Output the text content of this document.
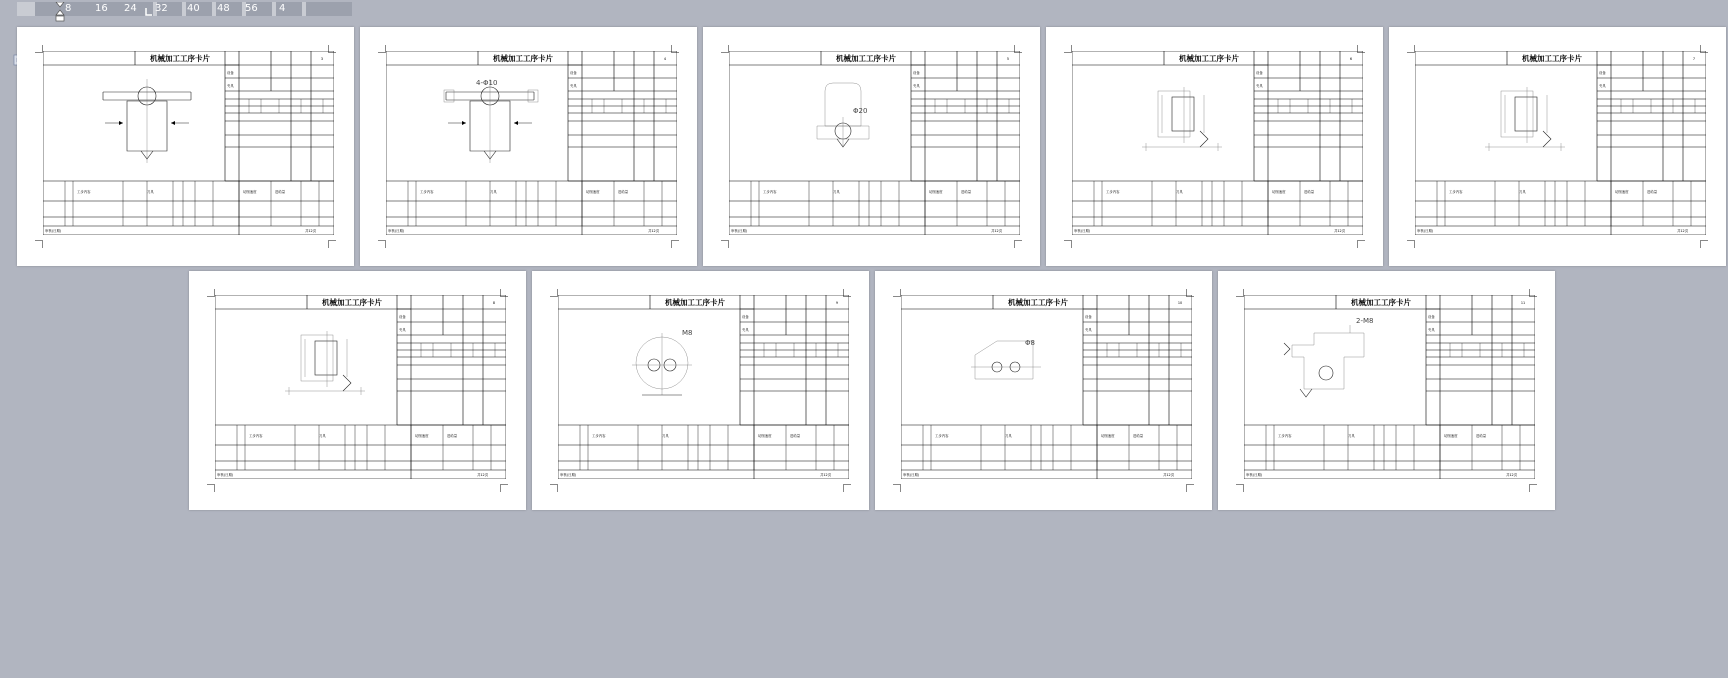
8 16 24 32 40 48 56 4
机械加工工序卡片	3
设备
夹具
刀具
工步内容	切削速度	进给量
审核(日期)	共12页
机械加工工序卡片	4
设备
夹具
刀具
工步内容	切削速度	进给量
审核(日期)	共12页
4-Φ10
机械加工工序卡片	5
设备
夹具
刀具
工步内容	切削速度	进给量
审核(日期)	共12页
Φ20
机械加工工序卡片	6
设备
夹具
刀具
工步内容	切削速度	进给量
审核(日期)	共12页
机械加工工序卡片	7
设备
夹具
刀具
工步内容	切削速度	进给量
审核(日期)	共12页
机械加工工序卡片	8
设备
夹具
刀具
工步内容	切削速度	进给量
审核(日期)	共12页
机械加工工序卡片	9
设备
夹具
刀具
工步内容	切削速度	进给量
审核(日期)	共12页
M8
机械加工工序卡片	10
设备
夹具
刀具
工步内容	切削速度	进给量
审核(日期)	共12页
Φ8
机械加工工序卡片	11
设备
夹具
刀具
工步内容	切削速度	进给量
审核(日期)	共12页
2-M8
